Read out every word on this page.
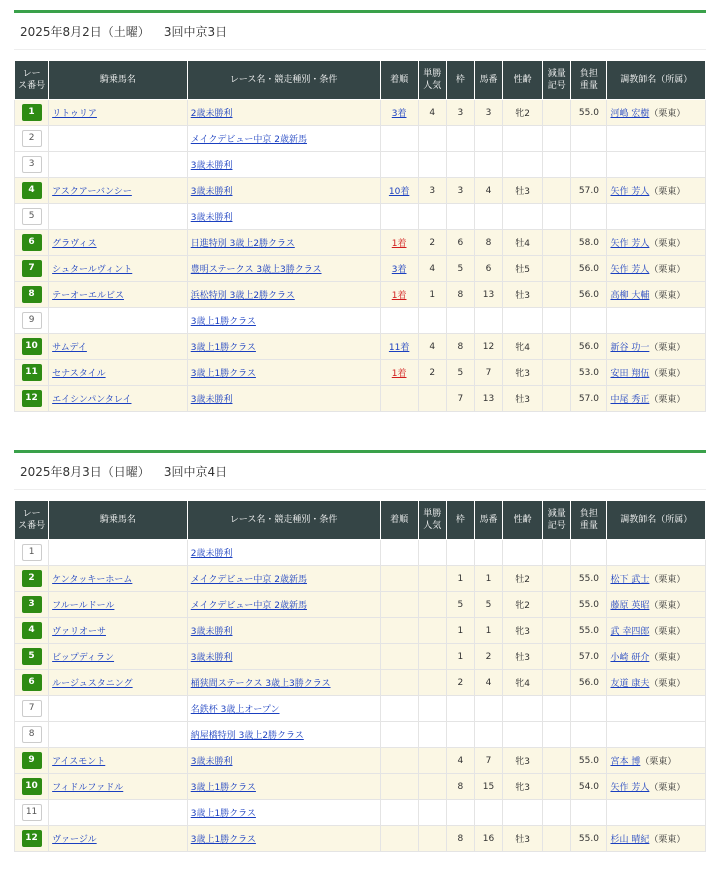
2025年8月2日（土曜） 3回中京3日
レー
ス番号	騎乗馬名	レース名・競走種別・条件	着順	単勝
人気	枠	馬番	性齢	減量
記号	負担
重量	調教師名（所属）
1	リトゥリア	2歳未勝利	3着	4	3	3	牝2		55.0	河嶋 宏樹（栗東）
2		メイクデビュー中京 2歳新馬								
3		3歳未勝利								
4	アスクアーバンシー	3歳未勝利	10着	3	3	4	牡3		57.0	矢作 芳人（栗東）
5		3歳未勝利								
6	グラヴィス	日進特別 3歳上2勝クラス	1着	2	6	8	牡4		58.0	矢作 芳人（栗東）
7	シュタールヴィント	豊明ステークス 3歳上3勝クラス	3着	4	5	6	牡5		56.0	矢作 芳人（栗東）
8	テーオーエルビス	浜松特別 3歳上2勝クラス	1着	1	8	13	牡3		56.0	高柳 大輔（栗東）
9		3歳上1勝クラス								
10	サムデイ	3歳上1勝クラス	11着	4	8	12	牝4		56.0	新谷 功一（栗東）
11	セナスタイル	3歳上1勝クラス	1着	2	5	7	牝3		53.0	安田 翔伍（栗東）
12	エイシンパンタレイ	3歳未勝利			7	13	牡3		57.0	中尾 秀正（栗東）
2025年8月3日（日曜） 3回中京4日
レー
ス番号	騎乗馬名	レース名・競走種別・条件	着順	単勝
人気	枠	馬番	性齢	減量
記号	負担
重量	調教師名（所属）
1		2歳未勝利								
2	ケンタッキーホーム	メイクデビュー中京 2歳新馬			1	1	牡2		55.0	松下 武士（栗東）
3	フルールドール	メイクデビュー中京 2歳新馬			5	5	牝2		55.0	藤原 英昭（栗東）
4	ヴァリオーサ	3歳未勝利			1	1	牝3		55.0	武 幸四郎（栗東）
5	ビップディラン	3歳未勝利			1	2	牡3		57.0	小崎 研介（栗東）
6	ルージュスタニング	桶狭間ステークス 3歳上3勝クラス			2	4	牝4		56.0	友道 康夫（栗東）
7		名鉄杯 3歳上オープン								
8		納屋橋特別 3歳上2勝クラス								
9	アイスモント	3歳未勝利			4	7	牝3		55.0	宮本 博（栗東）
10	フィドルファドル	3歳上1勝クラス			8	15	牝3		54.0	矢作 芳人（栗東）
11		3歳上1勝クラス								
12	ヴァージル	3歳上1勝クラス			8	16	牡3		55.0	杉山 晴紀（栗東）
